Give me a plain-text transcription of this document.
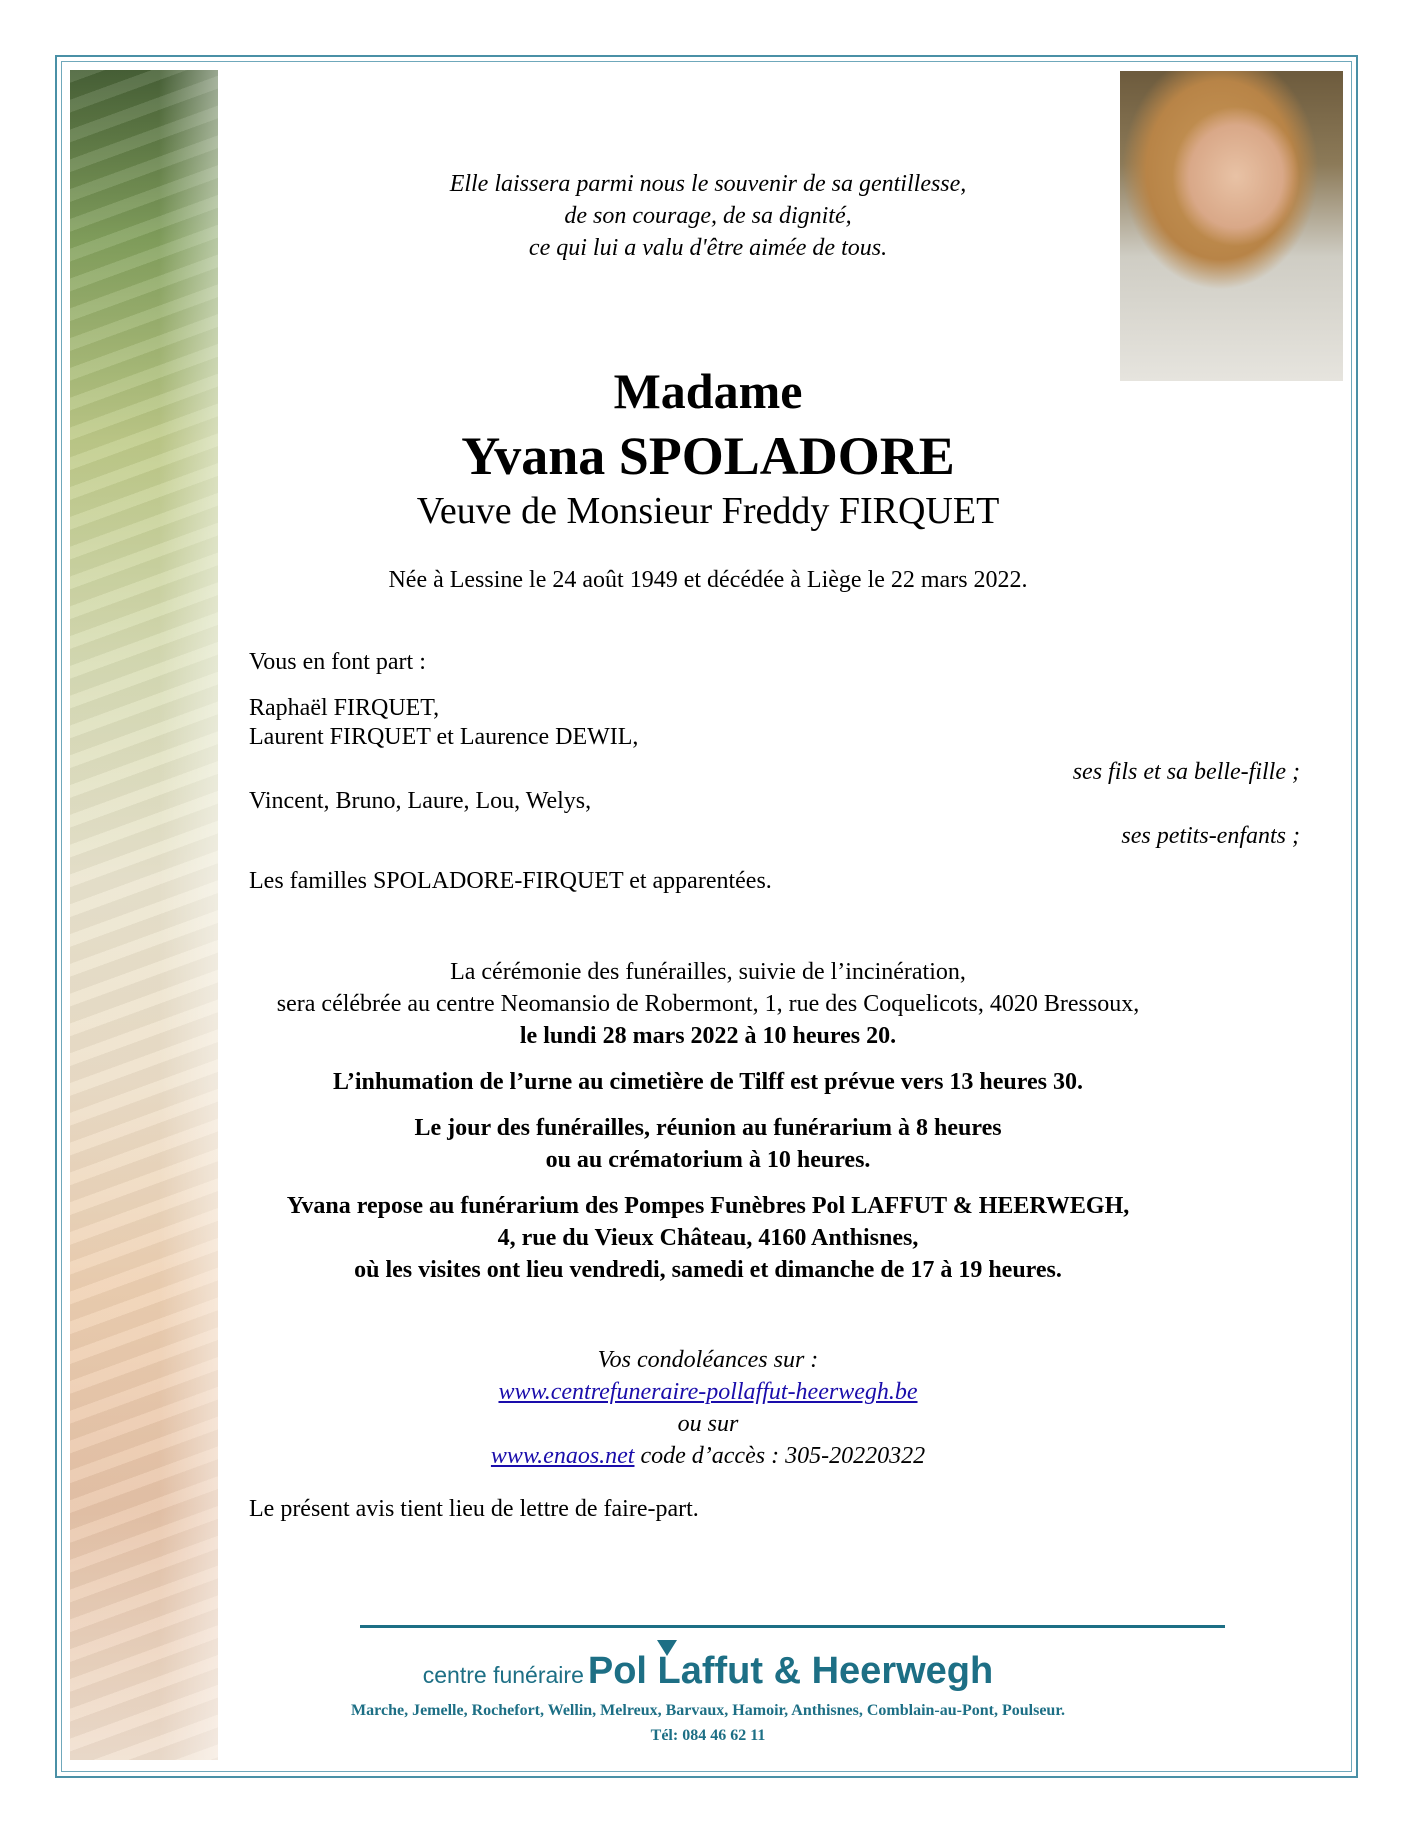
Elle laissera parmi nous le souvenir de sa gentillesse,
de son courage, de sa dignité,
ce qui lui a valu d'être aimée de tous.
Madame
Yvana SPOLADORE
Veuve de Monsieur Freddy FIRQUET
Née à Lessine le 24 août 1949 et décédée à Liège le 22 mars 2022.
Vous en font part :
Raphaël FIRQUET,
Laurent FIRQUET et Laurence DEWIL,
ses fils et sa belle-fille ;
Vincent, Bruno, Laure, Lou, Welys,
ses petits-enfants ;
Les familles SPOLADORE-FIRQUET et apparentées.
La cérémonie des funérailles, suivie de l’incinération,
sera célébrée au centre Neomansio de Robermont, 1, rue des Coquelicots, 4020 Bressoux,
le lundi 28 mars 2022 à 10 heures 20.
L’inhumation de l’urne au cimetière de Tilff est prévue vers 13 heures 30.
Le jour des funérailles, réunion au funérarium à 8 heures
ou au crématorium à 10 heures.
Yvana repose au funérarium des Pompes Funèbres Pol LAFFUT & HEERWEGH,
4, rue du Vieux Château, 4160 Anthisnes,
où les visites ont lieu vendredi, samedi et dimanche de 17 à 19 heures.
Vos condoléances sur :
www.centrefuneraire-pollaffut-heerwegh.be
ou sur
www.enaos.net code d’accès : 305-20220322
Le présent avis tient lieu de lettre de faire-part.
centre funéraire Pol Laffut & Heerwegh
Marche, Jemelle, Rochefort, Wellin, Melreux, Barvaux, Hamoir, Anthisnes, Comblain-au-Pont, Poulseur.
Tél: 084 46 62 11
